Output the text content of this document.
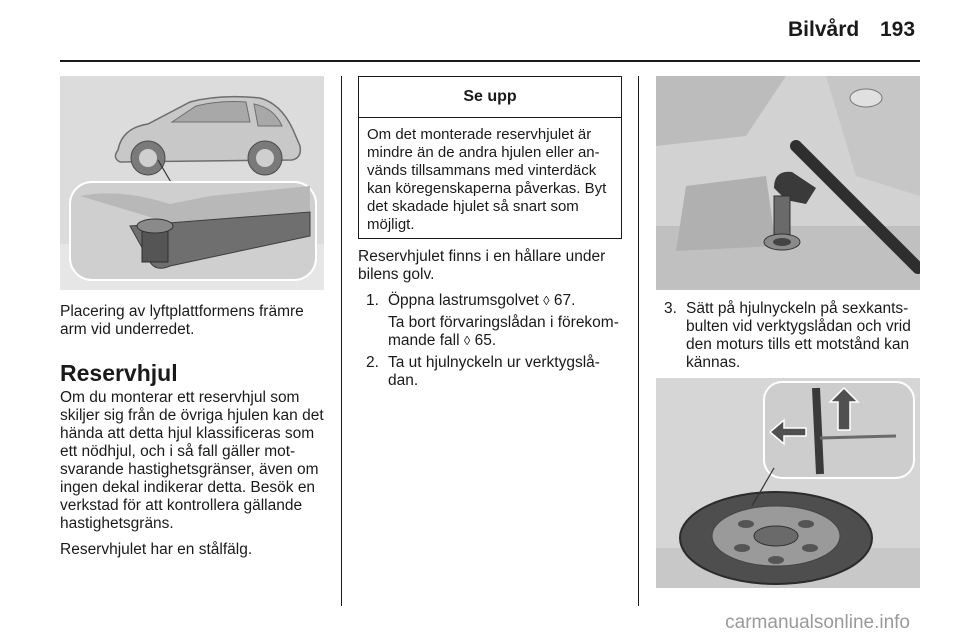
Bilvård 193

Placering av lyftplattformens främre arm vid underredet.

Reservhjul

Om du monterar ett reservhjul som skiljer sig från de övriga hjulen kan det hända att detta hjul klassificeras som ett nödhjul, och i så fall gäller motsvarande hastighetsgränser, även om ingen dekal indikerar detta. Besök en verkstad för att kontrollera gällande hastighetsgräns.

Reservhjulet har en stålfälg.

Se upp
Om det monterade reservhjulet är mindre än de andra hjulen eller används tillsammans med vinterdäck kan köregenskaperna påverkas. Byt det skadade hjulet så snart som möjligt.

Reservhjulet finns i en hållare under bilens golv.

1. Öppna lastrumsgolvet ◊ 67.
Ta bort förvaringslådan i förekommande fall ◊ 65.
2. Ta ut hjulnyckeln ur verktygslådan.
3. Sätt på hjulnyckeln på sexkantsbulten vid verktygslådan och vrid den moturs tills ett motstånd kan kännas.
carmanualsonline.info
